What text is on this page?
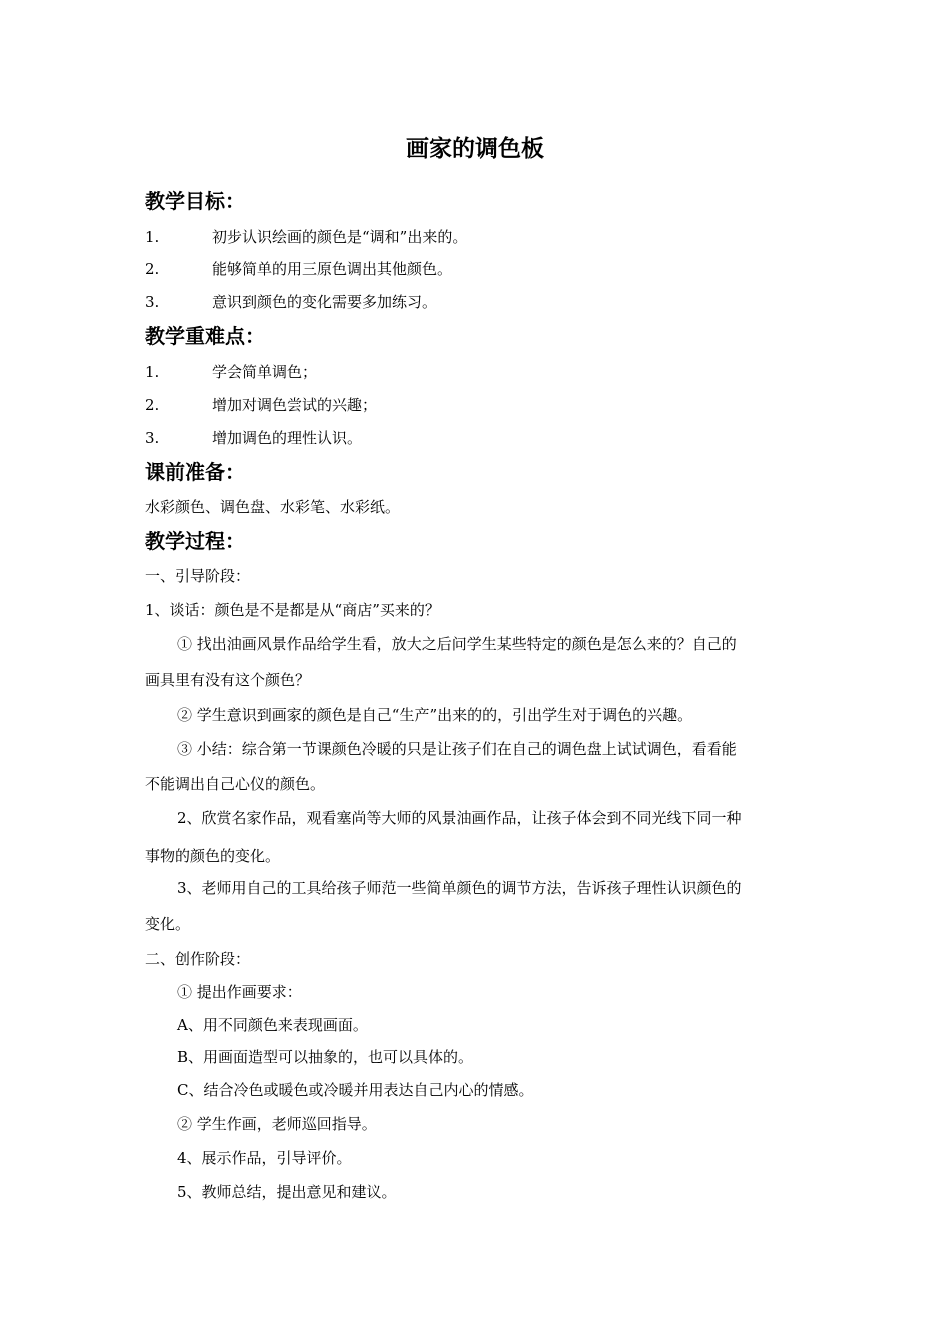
画家的调色板
教学目标：
1.	初步认识绘画的颜色是“调和”出来的。
2.	能够简单的用三原色调出其他颜色。
3.	意识到颜色的变化需要多加练习。
教学重难点：
1.	学会简单调色；
2.	增加对调色尝试的兴趣；
3.	增加调色的理性认识。
课前准备：
水彩颜色、调色盘、水彩笔、水彩纸。
教学过程：
一、引导阶段：
1、谈话：颜色是不是都是从“商店”买来的？
① 找出油画风景作品给学生看，放大之后问学生某些特定的颜色是怎么来的？自己的
画具里有没有这个颜色？
② 学生意识到画家的颜色是自己“生产”出来的的，引出学生对于调色的兴趣。
③ 小结：综合第一节课颜色冷暖的只是让孩子们在自己的调色盘上试试调色，看看能
不能调出自己心仪的颜色。
2、欣赏名家作品，观看塞尚等大师的风景油画作品，让孩子体会到不同光线下同一种
事物的颜色的变化。
3、老师用自己的工具给孩子师范一些简单颜色的调节方法，告诉孩子理性认识颜色的
变化。
二、创作阶段：
① 提出作画要求：
A、用不同颜色来表现画面。
B、用画面造型可以抽象的，也可以具体的。
C、结合冷色或暖色或冷暖并用表达自己内心的情感。
② 学生作画，老师巡回指导。
4、展示作品，引导评价。
5、教师总结，提出意见和建议。
